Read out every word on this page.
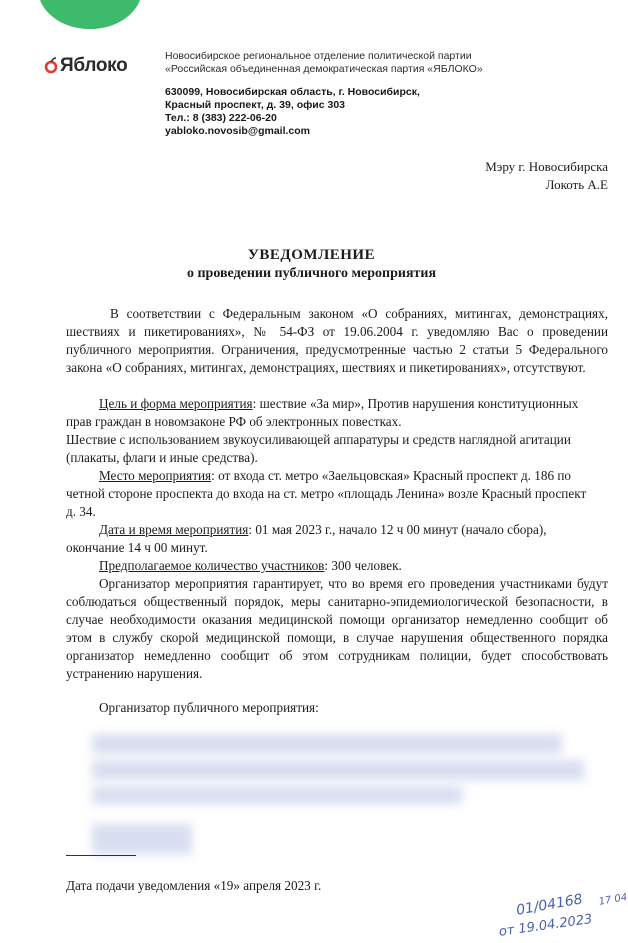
Яблоко	Новосибирское региональное отделение политической партии
«Российская объединенная демократическая партия «ЯБЛОКО»
630099, Новосибирская область, г. Новосибирск,
Красный проспект, д. 39, офис 303
Тел.: 8 (383) 222-06-20
yabloko.novosib@gmail.com
Мэру г. Новосибирска
Локоть А.Е
УВЕДОМЛЕНИЕ
о проведении публичного мероприятия
В соответствии с Федеральным законом «О собраниях, митингах, демонстрациях, шествиях и пикетированиях», № 54-ФЗ от 19.06.2004 г. уведомляю Вас о проведении публичного мероприятия. Ограничения, предусмотренные частью 2 статьи 5 Федерального закона «О собраниях, митингах, демонстрациях, шествиях и пикетированиях», отсутствуют.
Цель и форма мероприятия: шествие «За мир», Против нарушения конституционных
прав граждан в новомзаконе РФ об электронных повестках.
Шествие с использованием звукоусиливающей аппаратуры и средств наглядной агитации
(плакаты, флаги и иные средства).
Место мероприятия: от входа ст. метро «Заельцовская» Красный проспект д. 186 по
четной стороне проспекта до входа на ст. метро «площадь Ленина» возле Красный проспект
д. 34.
Дата и время мероприятия: 01 мая 2023 г., начало 12 ч 00 минут (начало сбора),
окончание 14 ч 00 минут.
Предполагаемое количество участников: 300 человек.
Организатор мероприятия гарантирует, что во время его проведения участниками будут соблюдаться общественный порядок, меры санитарно-эпидемиологической безопасности, в случае необходимости оказания медицинской помощи организатор немедленно сообщит об этом в службу скорой медицинской помощи, в случае нарушения общественного порядка организатор немедленно сообщит об этом сотрудникам полиции, будет способствовать устранению нарушения.
Организатор публичного мероприятия:
Дата подачи уведомления «19» апреля 2023 г.
01/04168 17 04
от 19.04.2023
